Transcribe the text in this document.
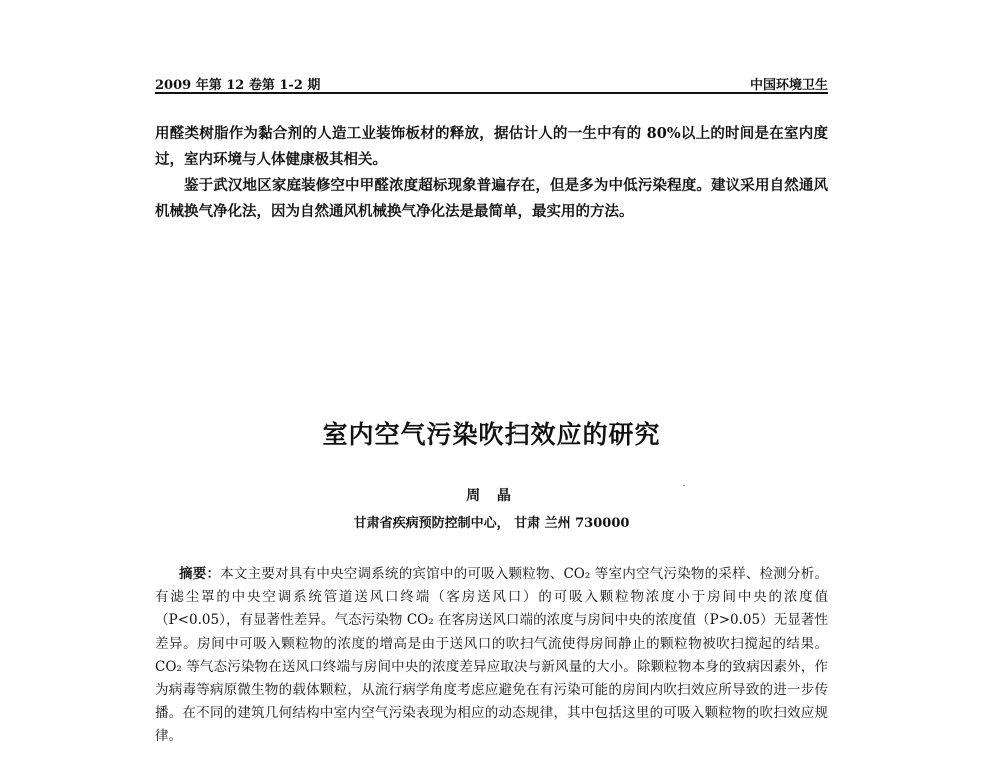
2009 年第 12 卷第 1-2 期	中国环境卫生

用醛类树脂作为黏合剂的人造工业装饰板材的释放，据估计人的一生中有的 80%以上的时间是在室内度过，室内环境与人体健康极其相关。

鉴于武汉地区家庭装修空中甲醛浓度超标现象普遍存在，但是多为中低污染程度。建议采用自然通风机械换气净化法，因为自然通风机械换气净化法是最简单，最实用的方法。

室内空气污染吹扫效应的研究
周 晶
甘肃省疾病预防控制中心， 甘肃 兰州 730000

摘要：本文主要对具有中央空调系统的宾馆中的可吸入颗粒物、CO₂ 等室内空气污染物的采样、检测分析。有滤尘罩的中央空调系统管道送风口终端（客房送风口）的可吸入颗粒物浓度小于房间中央的浓度值（P<0.05），有显著性差异。气态污染物 CO₂ 在客房送风口端的浓度与房间中央的浓度值（P>0.05）无显著性差异。房间中可吸入颗粒物的浓度的增高是由于送风口的吹扫气流使得房间静止的颗粒物被吹扫搅起的结果。CO₂ 等气态污染物在送风口终端与房间中央的浓度差异应取决与新风量的大小。除颗粒物本身的致病因素外，作为病毒等病原微生物的载体颗粒，从流行病学角度考虑应避免在有污染可能的房间内吹扫效应所导致的进一步传播。在不同的建筑几何结构中室内空气污染表现为相应的动态规律，其中包括这里的可吸入颗粒物的吹扫效应规律。
